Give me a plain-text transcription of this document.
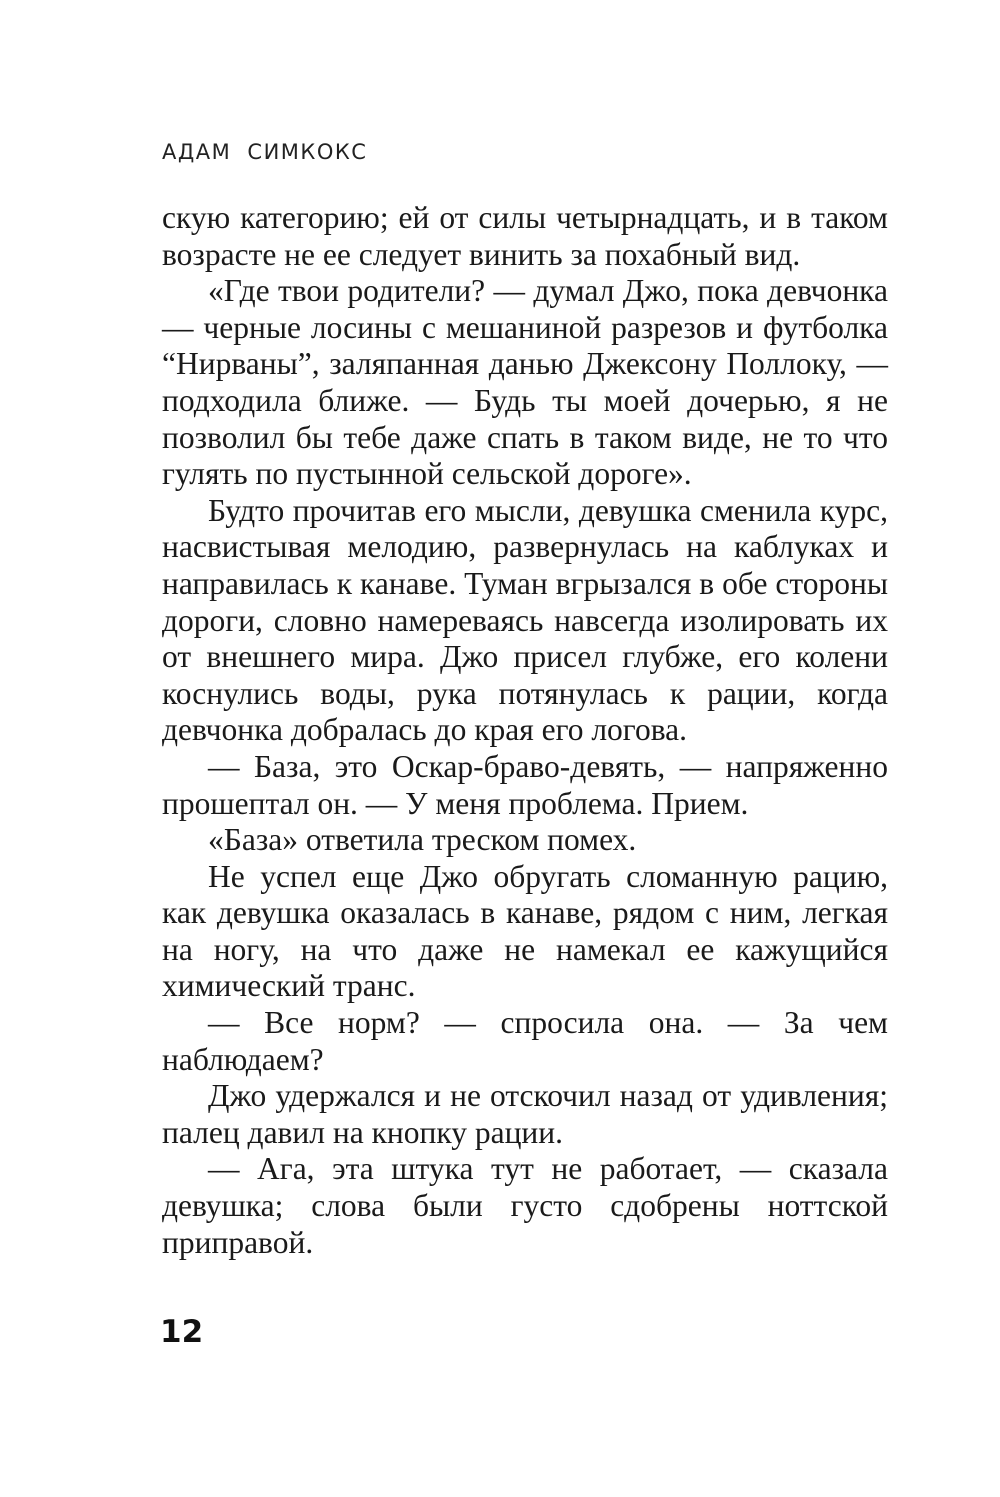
АДАМ СИМКОКС

скую категорию; ей от силы четырнадцать, и в таком возрасте не ее следует винить за похабный вид.

«Где твои родители? — думал Джо, пока девчонка — черные лосины с мешаниной разрезов и футболка “Нирваны”, заляпанная данью Джексону Поллоку, — подходила ближе. — Будь ты моей дочерью, я не позволил бы тебе даже спать в таком виде, не то что гулять по пустынной сельской дороге».

Будто прочитав его мысли, девушка сменила курс, насвистывая мелодию, развернулась на каблуках и направилась к канаве. Туман вгрызался в обе стороны дороги, словно намереваясь навсегда изолировать их от внешнего мира. Джо присел глубже, его колени коснулись воды, рука потянулась к рации, когда девчонка добралась до края его логова.

— База, это Оскар-браво-девять, — напряженно прошептал он. — У меня проблема. Прием.

«База» ответила треском помех.

Не успел еще Джо обругать сломанную рацию, как девушка оказалась в канаве, рядом с ним, легкая на ногу, на что даже не намекал ее кажущийся химический транс.

— Все норм? — спросила она. — За чем наблюдаем?

Джо удержался и не отскочил назад от удивления; палец давил на кнопку рации.

— Ага, эта штука тут не работает, — сказала девушка; слова были густо сдобрены ноттской приправой.

12
